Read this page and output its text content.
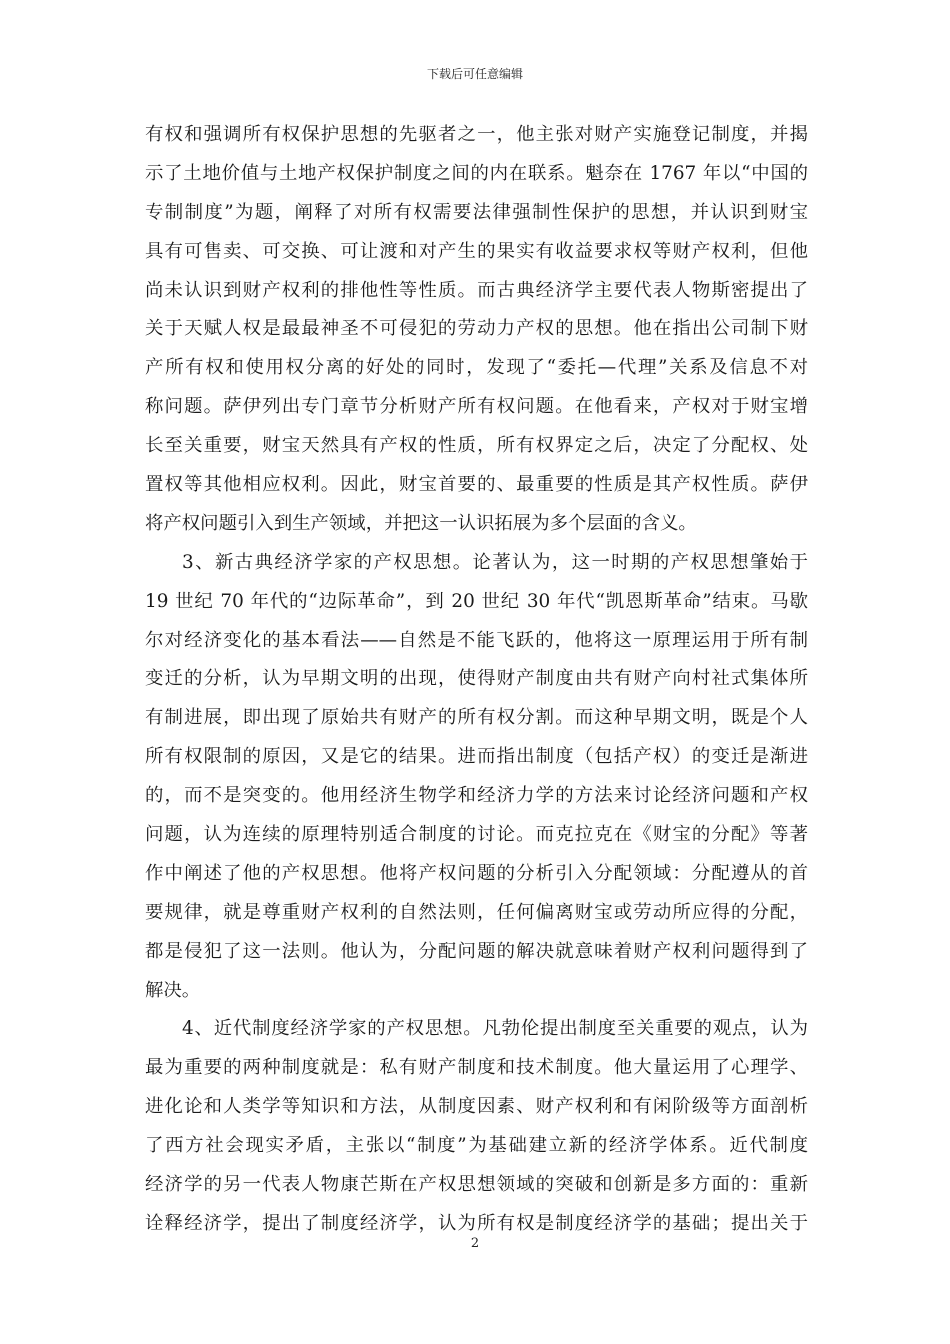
下载后可任意编辑
有权和强调所有权保护思想的先驱者之一，他主张对财产实施登记制度，并揭
示了土地价值与土地产权保护制度之间的内在联系。魁奈在 1767 年以“中国的
专制制度”为题，阐释了对所有权需要法律强制性保护的思想，并认识到财宝
具有可售卖、可交换、可让渡和对产生的果实有收益要求权等财产权利，但他
尚未认识到财产权利的排他性等性质。而古典经济学主要代表人物斯密提出了
关于天赋人权是最最神圣不可侵犯的劳动力产权的思想。他在指出公司制下财
产所有权和使用权分离的好处的同时，发现了“委托—代理”关系及信息不对
称问题。萨伊列出专门章节分析财产所有权问题。在他看来，产权对于财宝增
长至关重要，财宝天然具有产权的性质，所有权界定之后，决定了分配权、处
置权等其他相应权利。因此，财宝首要的、最重要的性质是其产权性质。萨伊
将产权问题引入到生产领域，并把这一认识拓展为多个层面的含义。
3、新古典经济学家的产权思想。论著认为，这一时期的产权思想肇始于
19 世纪 70 年代的“边际革命”，到 20 世纪 30 年代“凯恩斯革命”结束。马歇
尔对经济变化的基本看法——自然是不能飞跃的，他将这一原理运用于所有制
变迁的分析，认为早期文明的出现，使得财产制度由共有财产向村社式集体所
有制进展，即出现了原始共有财产的所有权分割。而这种早期文明，既是个人
所有权限制的原因，又是它的结果。进而指出制度（包括产权）的变迁是渐进
的，而不是突变的。他用经济生物学和经济力学的方法来讨论经济问题和产权
问题，认为连续的原理特别适合制度的讨论。而克拉克在《财宝的分配》等著
作中阐述了他的产权思想。他将产权问题的分析引入分配领域：分配遵从的首
要规律，就是尊重财产权利的自然法则，任何偏离财宝或劳动所应得的分配，
都是侵犯了这一法则。他认为，分配问题的解决就意味着财产权利问题得到了
解决。
4、近代制度经济学家的产权思想。凡勃伦提出制度至关重要的观点，认为
最为重要的两种制度就是：私有财产制度和技术制度。他大量运用了心理学、
进化论和人类学等知识和方法，从制度因素、财产权利和有闲阶级等方面剖析
了西方社会现实矛盾，主张以“制度”为基础建立新的经济学体系。近代制度
经济学的另一代表人物康芒斯在产权思想领域的突破和创新是多方面的：重新
诠释经济学，提出了制度经济学，认为所有权是制度经济学的基础；提出关于
2
